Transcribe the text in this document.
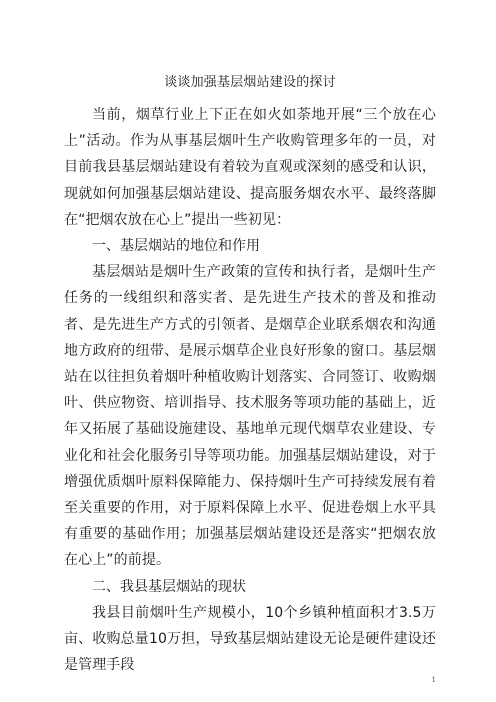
谈谈加强基层烟站建设的探讨

当前，烟草行业上下正在如火如荼地开展“三个放在心上”活动。作为从事基层烟叶生产收购管理多年的一员，对目前我县基层烟站建设有着较为直观或深刻的感受和认识，现就如何加强基层烟站建设、提高服务烟农水平、最终落脚在“把烟农放在心上”提出一些初见：

一、基层烟站的地位和作用

基层烟站是烟叶生产政策的宣传和执行者，是烟叶生产任务的一线组织和落实者、是先进生产技术的普及和推动者、是先进生产方式的引领者、是烟草企业联系烟农和沟通地方政府的纽带、是展示烟草企业良好形象的窗口。基层烟站在以往担负着烟叶种植收购计划落实、合同签订、收购烟叶、供应物资、培训指导、技术服务等项功能的基础上，近年又拓展了基础设施建设、基地单元现代烟草农业建设、专业化和社会化服务引导等项功能。加强基层烟站建设，对于增强优质烟叶原料保障能力、保持烟叶生产可持续发展有着至关重要的作用，对于原料保障上水平、促进卷烟上水平具有重要的基础作用；加强基层烟站建设还是落实“把烟农放在心上”的前提。

二、我县基层烟站的现状

我县目前烟叶生产规模小，10个乡镇种植面积才3.5万亩、收购总量10万担，导致基层烟站建设无论是硬件建设还是管理手段

1
